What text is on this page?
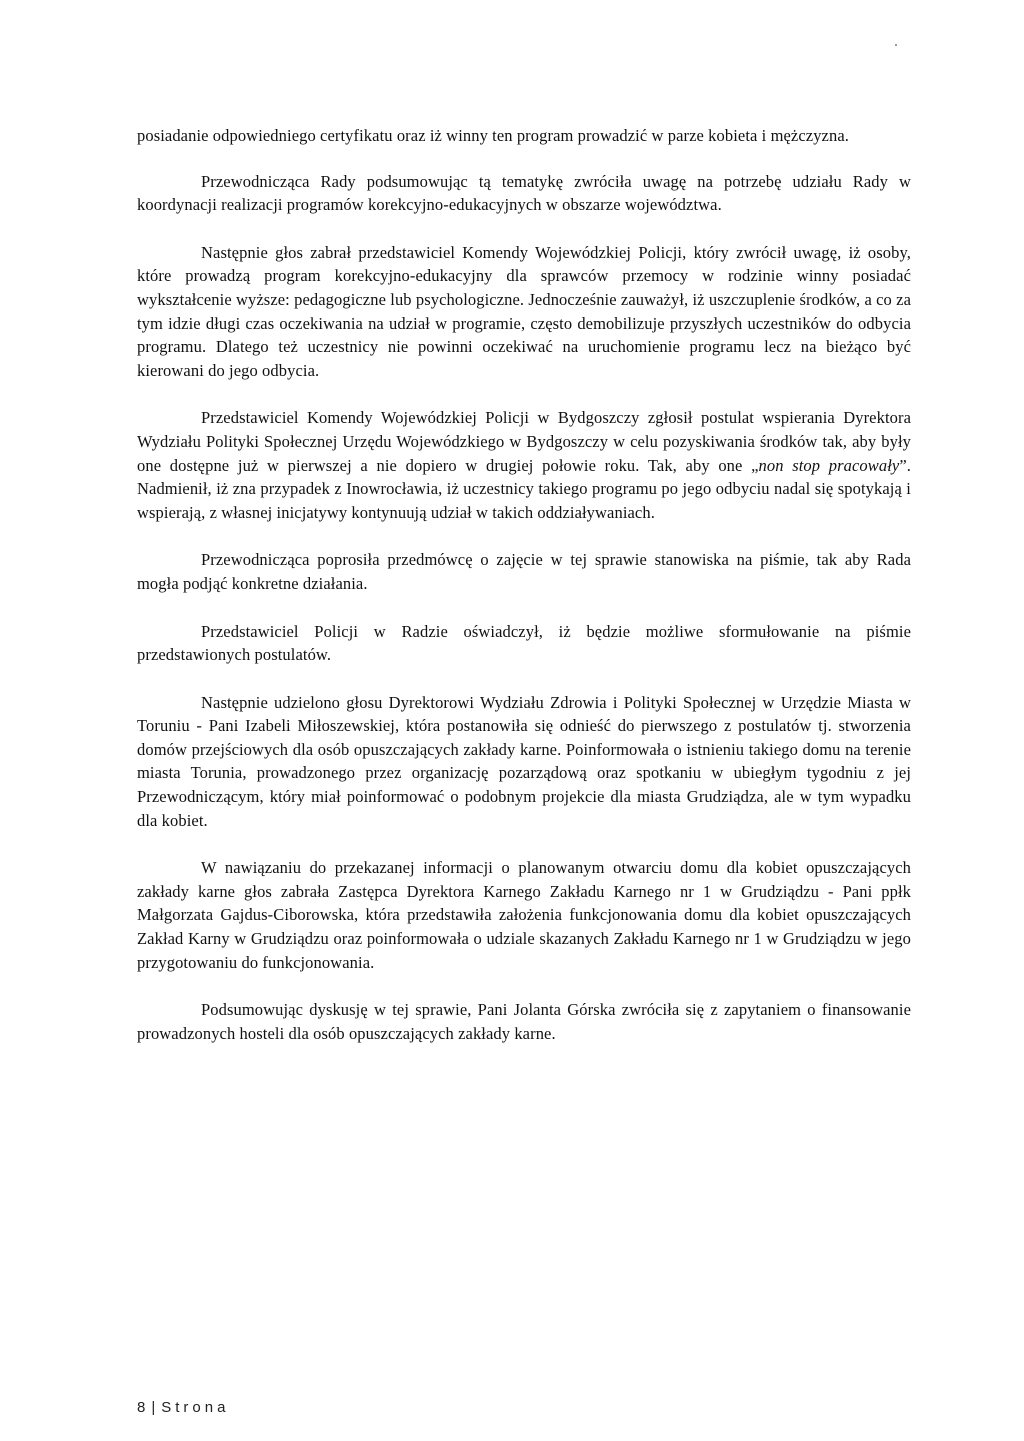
posiadanie odpowiedniego certyfikatu oraz iż winny ten program prowadzić w parze kobieta i mężczyzna.

Przewodnicząca Rady podsumowując tą tematykę zwróciła uwagę na potrzebę udziału Rady w koordynacji realizacji programów korekcyjno-edukacyjnych w obszarze województwa.

Następnie głos zabrał przedstawiciel Komendy Wojewódzkiej Policji, który zwrócił uwagę, iż osoby, które prowadzą program korekcyjno-edukacyjny dla sprawców przemocy w rodzinie winny posiadać wykształcenie wyższe: pedagogiczne lub psychologiczne. Jednocześnie zauważył, iż uszczuplenie środków, a co za tym idzie długi czas oczekiwania na udział w programie, często demobilizuje przyszłych uczestników do odbycia programu. Dlatego też uczestnicy nie powinni oczekiwać na uruchomienie programu lecz na bieżąco być kierowani do jego odbycia.

Przedstawiciel Komendy Wojewódzkiej Policji w Bydgoszczy zgłosił postulat wspierania Dyrektora Wydziału Polityki Społecznej Urzędu Wojewódzkiego w Bydgoszczy w celu pozyskiwania środków tak, aby były one dostępne już w pierwszej a nie dopiero w drugiej połowie roku. Tak, aby one „non stop pracowały”. Nadmienił, iż zna przypadek z Inowrocławia, iż uczestnicy takiego programu po jego odbyciu nadal się spotykają i wspierają, z własnej inicjatywy kontynuują udział w takich oddziaływaniach.

Przewodnicząca poprosiła przedmówcę o zajęcie w tej sprawie stanowiska na piśmie, tak aby Rada mogła podjąć konkretne działania.

Przedstawiciel Policji w Radzie oświadczył, iż będzie możliwe sformułowanie na piśmie przedstawionych postulatów.

Następnie udzielono głosu Dyrektorowi Wydziału Zdrowia i Polityki Społecznej w Urzędzie Miasta w Toruniu - Pani Izabeli Miłoszewskiej, która postanowiła się odnieść do pierwszego z postulatów tj. stworzenia domów przejściowych dla osób opuszczających zakłady karne. Poinformowała o istnieniu takiego domu na terenie miasta Torunia, prowadzonego przez organizację pozarządową oraz spotkaniu w ubiegłym tygodniu z jej Przewodniczącym, który miał poinformować o podobnym projekcie dla miasta Grudziądza, ale w tym wypadku dla kobiet.

W nawiązaniu do przekazanej informacji o planowanym otwarciu domu dla kobiet opuszczających zakłady karne głos zabrała Zastępca Dyrektora Karnego Zakładu Karnego nr 1 w Grudziądzu - Pani ppłk Małgorzata Gajdus-Ciborowska, która przedstawiła założenia funkcjonowania domu dla kobiet opuszczających Zakład Karny w Grudziądzu oraz poinformowała o udziale skazanych Zakładu Karnego nr 1 w Grudziądzu w jego przygotowaniu do funkcjonowania.

Podsumowując dyskusję w tej sprawie, Pani Jolanta Górska zwróciła się z zapytaniem o finansowanie prowadzonych hosteli dla osób opuszczających zakłady karne.

8 | Strona
